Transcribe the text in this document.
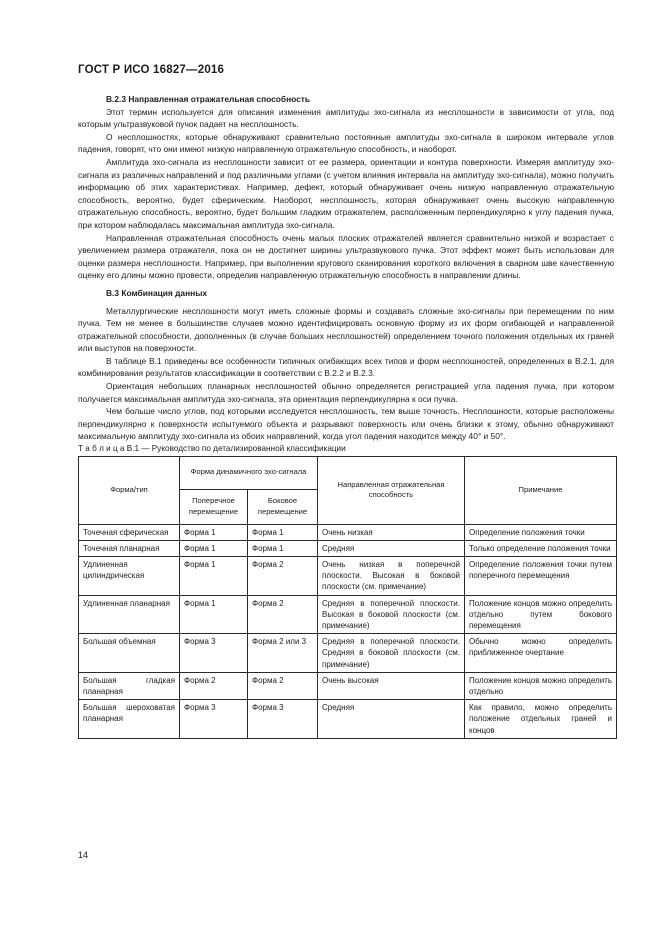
ГОСТ Р ИСО 16827—2016
В.2.3 Направленная отражательная способность

Этот термин используется для описания изменения амплитуды эхо-сигнала из несплошности в зависимости от угла, под которым ультразвуковой пучок падает на несплошность.

О несплошностях, которые обнаруживают сравнительно постоянные амплитуды эхо-сигнала в широком интервале углов падения, говорят, что они имеют низкую направленную отражательную способность, и наоборот.

Амплитуда эхо-сигнала из несплошности зависит от ее размера, ориентации и контура поверхности. Измеряя амплитуду эхо-сигнала из различных направлений и под различными углами (с учетом влияния интервала на амплитуду эхо-сигнала), можно получить информацию об этих характеристиках. Например, дефект, который обнаруживает очень низкую направленную отражательную способность, вероятно, будет сферическим. Наоборот, несплошность, которая обнаруживает очень высокую направленную отражательную способность, вероятно, будет большим гладким отражателем, расположенным перпендикулярно к углу падения пучка, при котором наблюдалась максимальная амплитуда эхо-сигнала.

Направленная отражательная способность очень малых плоских отражателей является сравнительно низкой и возрастает с увеличением размера отражателя, пока он не достигнет ширины ультразвукового пучка. Этот эффект может быть использован для оценки размера несплошности. Например, при выполнении кругового сканирования короткого включения в сварном шве качественную оценку его длины можно провести, определив направленную отражательную способность в направлении длины.

В.3 Комбинация данных

Металлургические несплошности могут иметь сложные формы и создавать сложные эхо-сигналы при перемещении по ним пучка. Тем не менее в большинстве случаев можно идентифицировать основную форму из их форм огибающей и направленной отражательной способности, дополненных (в случае больших несплошностей) определением точного положения отдельных их граней или выступов на поверхности.

В таблице В.1 приведены все особенности типичных огибающих всех типов и форм несплошностей, определенных в В.2.1, для комбинирования результатов классификации в соответствии с В.2.2 и В.2.3.

Ориентация небольших планарных несплошностей обычно определяется регистрацией угла падения пучка, при котором получается максимальная амплитуда эхо-сигнала, эта ориентация перпендикулярна к оси пучка.

Чем больше число углов, под которыми исследуется несплошность, тем выше точность. Несплошности, которые расположены перпендикулярно к поверхности испытуемого объекта и разрывают поверхность или очень близки к этому, обычно обнаруживают максимальную амплитуду эхо-сигнала из обоих направлений, когда угол падения находится между 40° и 50°.

Т а б л и ц а В.1 — Руководство по детализированной классификации

Форма/тип	Форма динамичного эхо-сигнала		Направленная отражательная способность	Примечание
	Поперечное перемещение	Боковое перемещение		
Точечная сферическая	Форма 1	Форма 1	Очень низкая	Определение положения точки
Точечная планарная	Форма 1	Форма 1	Средняя	Только определение положения точки
Удлиненная цилиндрическая	Форма 1	Форма 2	Очень низкая в поперечной плоскости. Высокая в боковой плоскости (см. примечание)	Определение положения точки путем поперечного перемещения
Удлиненная планарная	Форма 1	Форма 2	Средняя в поперечной плоскости. Высокая в боковой плоскости (см. примечание)	Положение концов можно определить отдельно путем бокового перемещения
Большая объемная	Форма 3	Форма 2 или 3	Средняя в поперечной плоскости. Средняя в боковой плоскости (см. примечание)	Обычно можно определить приближенное очертание
Большая гладкая планарная	Форма 2	Форма 2	Очень высокая	Положение концов можно определить отдельно
Большая шероховатая планарная	Форма 3	Форма 3	Средняя	Как правило, можно определить положение отдельных граней и концов
14
